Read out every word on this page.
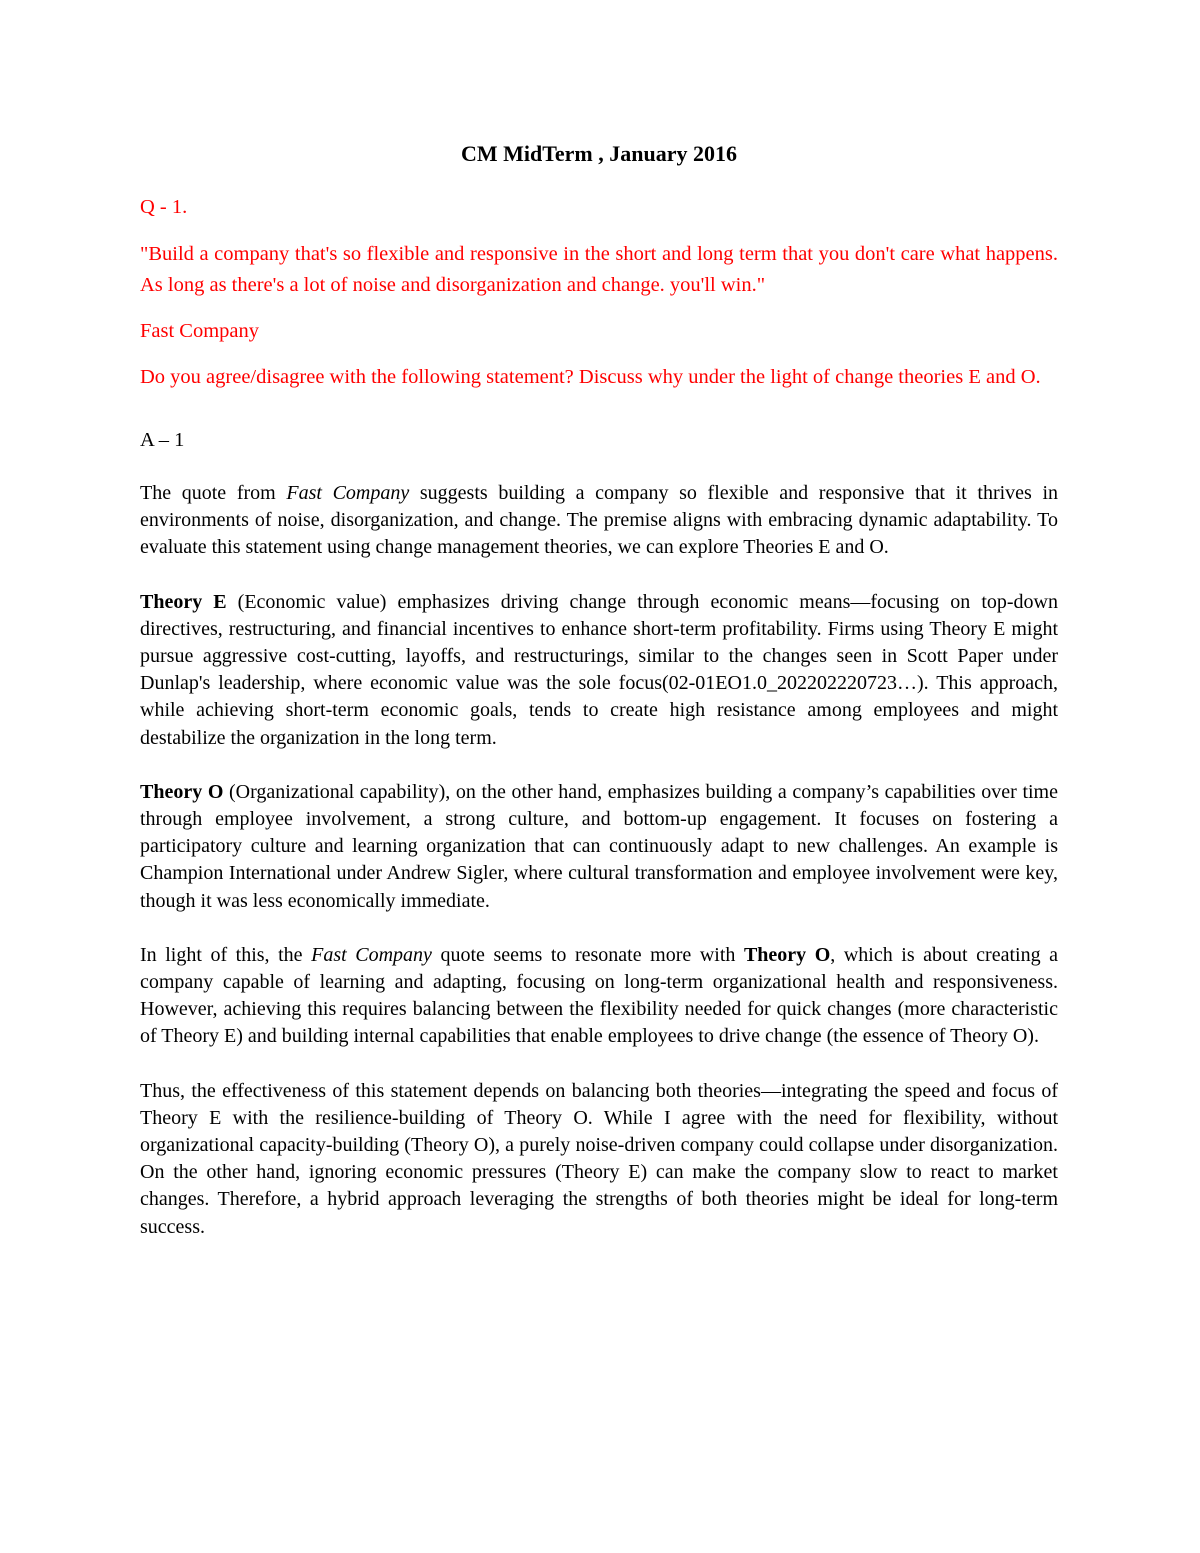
CM MidTerm , January 2016
Q - 1.
"Build a company that's so flexible and responsive in the short and long term that you don't care what happens. As long as there's a lot of noise and disorganization and change. you'll win."
Fast Company
Do you agree/disagree with the following statement? Discuss why under the light of change theories E and O.
A – 1
The quote from Fast Company suggests building a company so flexible and responsive that it thrives in environments of noise, disorganization, and change. The premise aligns with embracing dynamic adaptability. To evaluate this statement using change management theories, we can explore Theories E and O.
Theory E (Economic value) emphasizes driving change through economic means—focusing on top-down directives, restructuring, and financial incentives to enhance short-term profitability. Firms using Theory E might pursue aggressive cost-cutting, layoffs, and restructurings, similar to the changes seen in Scott Paper under Dunlap's leadership, where economic value was the sole focus(02-01EO1.0_202202220723…). This approach, while achieving short-term economic goals, tends to create high resistance among employees and might destabilize the organization in the long term.
Theory O (Organizational capability), on the other hand, emphasizes building a company’s capabilities over time through employee involvement, a strong culture, and bottom-up engagement. It focuses on fostering a participatory culture and learning organization that can continuously adapt to new challenges. An example is Champion International under Andrew Sigler, where cultural transformation and employee involvement were key, though it was less economically immediate.
In light of this, the Fast Company quote seems to resonate more with Theory O, which is about creating a company capable of learning and adapting, focusing on long-term organizational health and responsiveness. However, achieving this requires balancing between the flexibility needed for quick changes (more characteristic of Theory E) and building internal capabilities that enable employees to drive change (the essence of Theory O).
Thus, the effectiveness of this statement depends on balancing both theories—integrating the speed and focus of Theory E with the resilience-building of Theory O. While I agree with the need for flexibility, without organizational capacity-building (Theory O), a purely noise-driven company could collapse under disorganization. On the other hand, ignoring economic pressures (Theory E) can make the company slow to react to market changes. Therefore, a hybrid approach leveraging the strengths of both theories might be ideal for long-term success.
